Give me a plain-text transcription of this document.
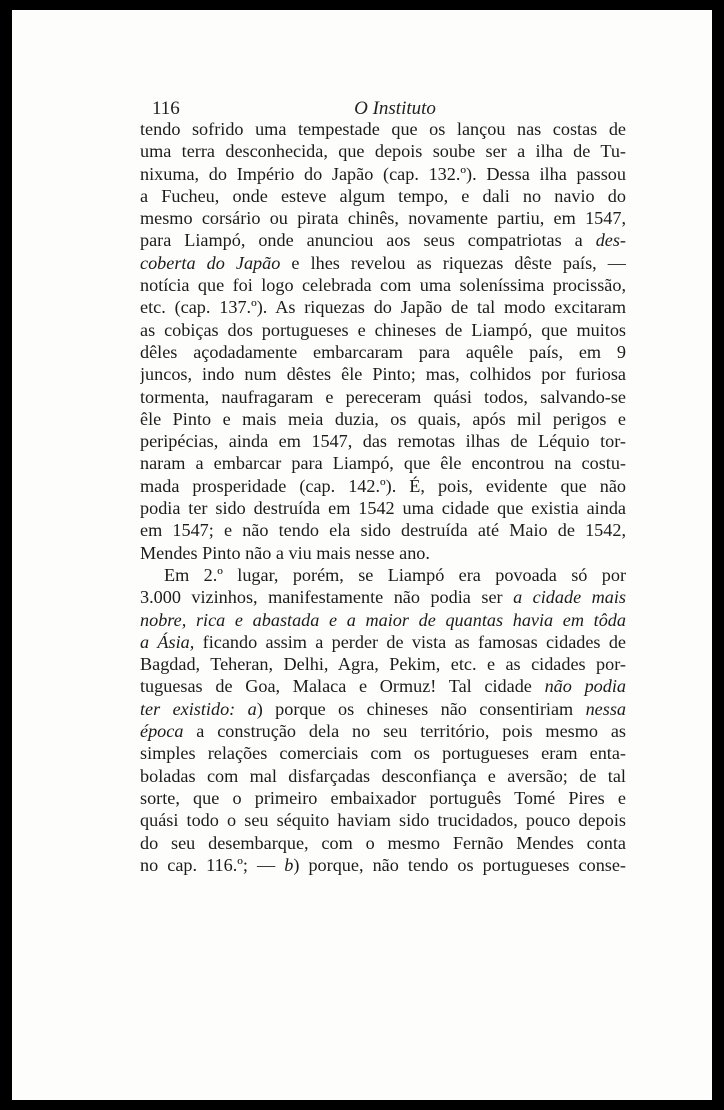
116	O Instituto
tendo sofrido uma tempestade que os lançou nas costas de
uma terra desconhecida, que depois soube ser a ilha de Tu-
nixuma, do Império do Japão (cap. 132.º). Dessa ilha passou
a Fucheu, onde esteve algum tempo, e dali no navio do
mesmo corsário ou pirata chinês, novamente partiu, em 1547,
para Liampó, onde anunciou aos seus compatriotas a des-
coberta do Japão e lhes revelou as riquezas dêste país, —
notícia que foi logo celebrada com uma soleníssima procissão,
etc. (cap. 137.º). As riquezas do Japão de tal modo excitaram
as cobiças dos portugueses e chineses de Liampó, que muitos
dêles açodadamente embarcaram para aquêle país, em 9
juncos, indo num dêstes êle Pinto; mas, colhidos por furiosa
tormenta, naufragaram e pereceram quási todos, salvando-se
êle Pinto e mais meia duzia, os quais, após mil perigos e
peripécias, ainda em 1547, das remotas ilhas de Léquio tor-
naram a embarcar para Liampó, que êle encontrou na costu-
mada prosperidade (cap. 142.º). É, pois, evidente que não
podia ter sido destruída em 1542 uma cidade que existia ainda
em 1547; e não tendo ela sido destruída até Maio de 1542,
Mendes Pinto não a viu mais nesse ano.
Em 2.º lugar, porém, se Liampó era povoada só por
3.000 vizinhos, manifestamente não podia ser a cidade mais
nobre, rica e abastada e a maior de quantas havia em tôda
a Ásia, ficando assim a perder de vista as famosas cidades de
Bagdad, Teheran, Delhi, Agra, Pekim, etc. e as cidades por-
tuguesas de Goa, Malaca e Ormuz! Tal cidade não podia
ter existido: a) porque os chineses não consentiriam nessa
época a construção dela no seu território, pois mesmo as
simples relações comerciais com os portugueses eram enta-
boladas com mal disfarçadas desconfiança e aversão; de tal
sorte, que o primeiro embaixador português Tomé Pires e
quási todo o seu séquito haviam sido trucidados, pouco depois
do seu desembarque, com o mesmo Fernão Mendes conta
no cap. 116.º; — b) porque, não tendo os portugueses conse-
